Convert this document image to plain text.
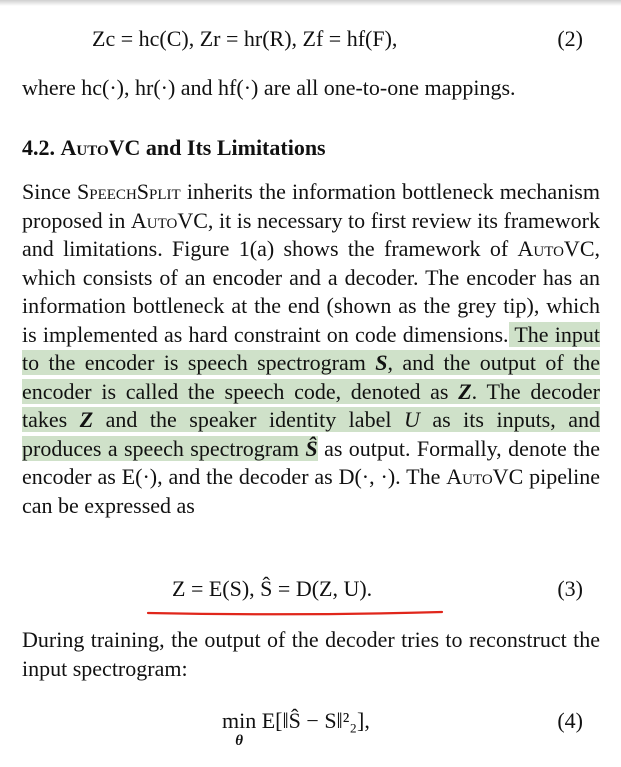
Zc = hc(C), Zr = hr(R), Zf = hf(F),	(2)

where hc(·), hr(·) and hf(·) are all one-to-one mappings.

4.2. AutoVC and Its Limitations

Since SpeechSplit inherits the information bottleneck mechanism proposed in AutoVC, it is necessary to first review its framework and limitations. Figure 1(a) shows the framework of AutoVC, which consists of an encoder and a decoder. The encoder has an information bottleneck at the end (shown as the grey tip), which is implemented as hard constraint on code dimensions. The input to the encoder is speech spectrogram S, and the output of the encoder is called the speech code, denoted as Z. The decoder takes Z and the speaker identity label U as its inputs, and produces a speech spectrogram Ŝ as output. Formally, denote the encoder as E(·), and the decoder as D(·, ·). The AutoVC pipeline can be expressed as

Z = E(S), Ŝ = D(Z, U).	(3)

During training, the output of the decoder tries to reconstruct the input spectrogram:

min
θ
E[‖Ŝ − S‖²₂],	(4)
